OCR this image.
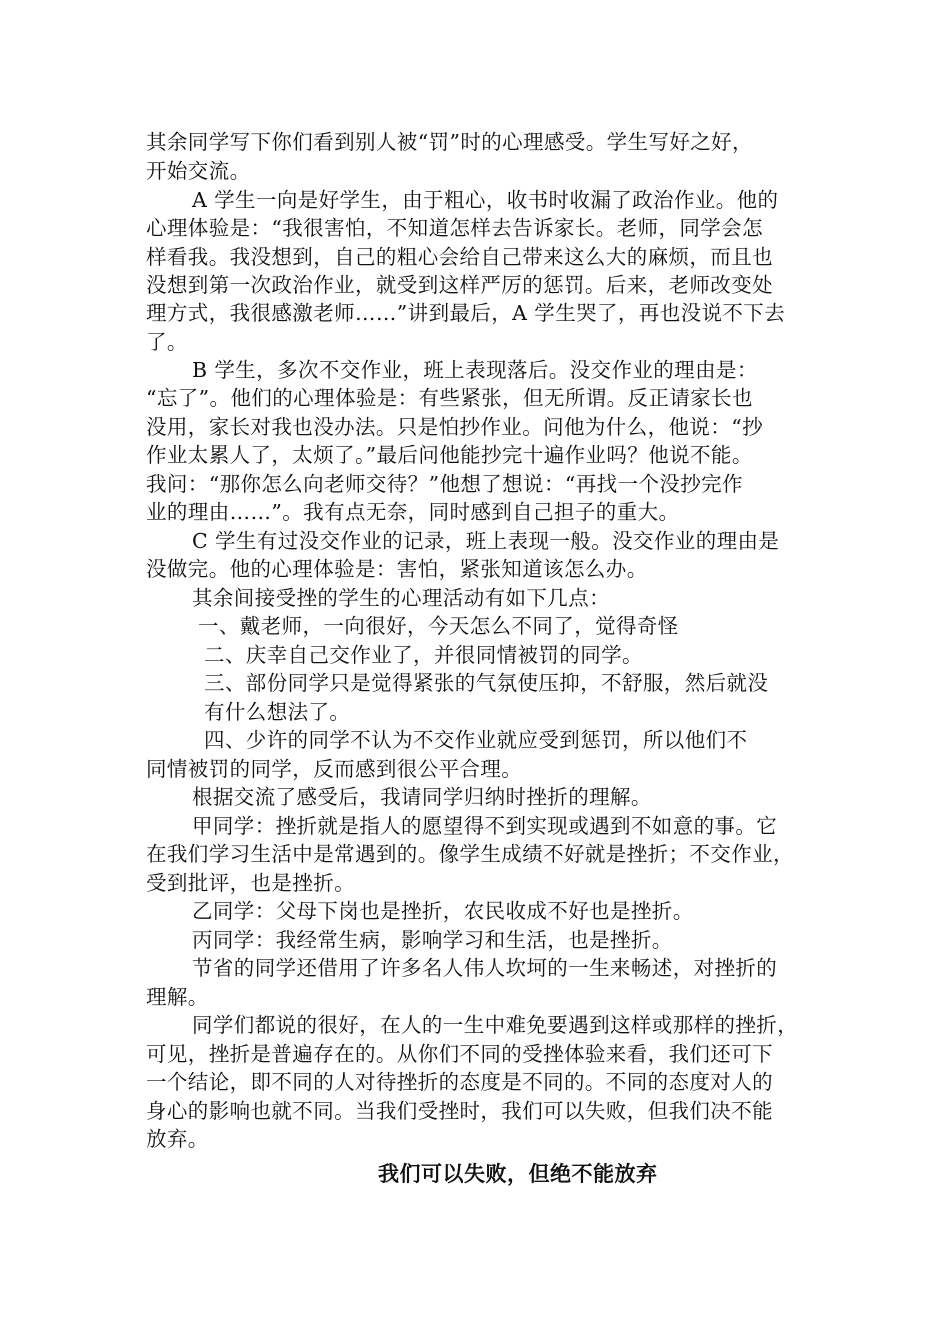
其余同学写下你们看到别人被“罚”时的心理感受。学生写好之好，
开始交流。
A 学生一向是好学生，由于粗心，收书时收漏了政治作业。他的
心理体验是：“我很害怕，不知道怎样去告诉家长。老师，同学会怎
样看我。我没想到，自己的粗心会给自己带来这么大的麻烦，而且也
没想到第一次政治作业，就受到这样严厉的惩罚。后来，老师改变处
理方式，我很感激老师……”讲到最后，A 学生哭了，再也没说不下去
了。
B 学生，多次不交作业，班上表现落后。没交作业的理由是：
“忘了”。他们的心理体验是：有些紧张，但无所谓。反正请家长也
没用，家长对我也没办法。只是怕抄作业。问他为什么，他说：“抄
作业太累人了，太烦了。”最后问他能抄完十遍作业吗？他说不能。
我问：“那你怎么向老师交待？”他想了想说：“再找一个没抄完作
业的理由……”。我有点无奈，同时感到自己担子的重大。
C 学生有过没交作业的记录，班上表现一般。没交作业的理由是
没做完。他的心理体验是：害怕，紧张知道该怎么办。
其余间接受挫的学生的心理活动有如下几点：
一、戴老师，一向很好，今天怎么不同了，觉得奇怪
二、庆幸自己交作业了，并很同情被罚的同学。
三、部份同学只是觉得紧张的气氛使压抑，不舒服，然后就没
有什么想法了。
四、少许的同学不认为不交作业就应受到惩罚，所以他们不
同情被罚的同学，反而感到很公平合理。
根据交流了感受后，我请同学归纳时挫折的理解。
甲同学：挫折就是指人的愿望得不到实现或遇到不如意的事。它
在我们学习生活中是常遇到的。像学生成绩不好就是挫折；不交作业，
受到批评，也是挫折。
乙同学：父母下岗也是挫折，农民收成不好也是挫折。
丙同学：我经常生病，影响学习和生活，也是挫折。
节省的同学还借用了许多名人伟人坎坷的一生来畅述，对挫折的
理解。
同学们都说的很好，在人的一生中难免要遇到这样或那样的挫折，
可见，挫折是普遍存在的。从你们不同的受挫体验来看，我们还可下
一个结论，即不同的人对待挫折的态度是不同的。不同的态度对人的
身心的影响也就不同。当我们受挫时，我们可以失败，但我们决不能
放弃。
我们可以失败，但绝不能放弃
